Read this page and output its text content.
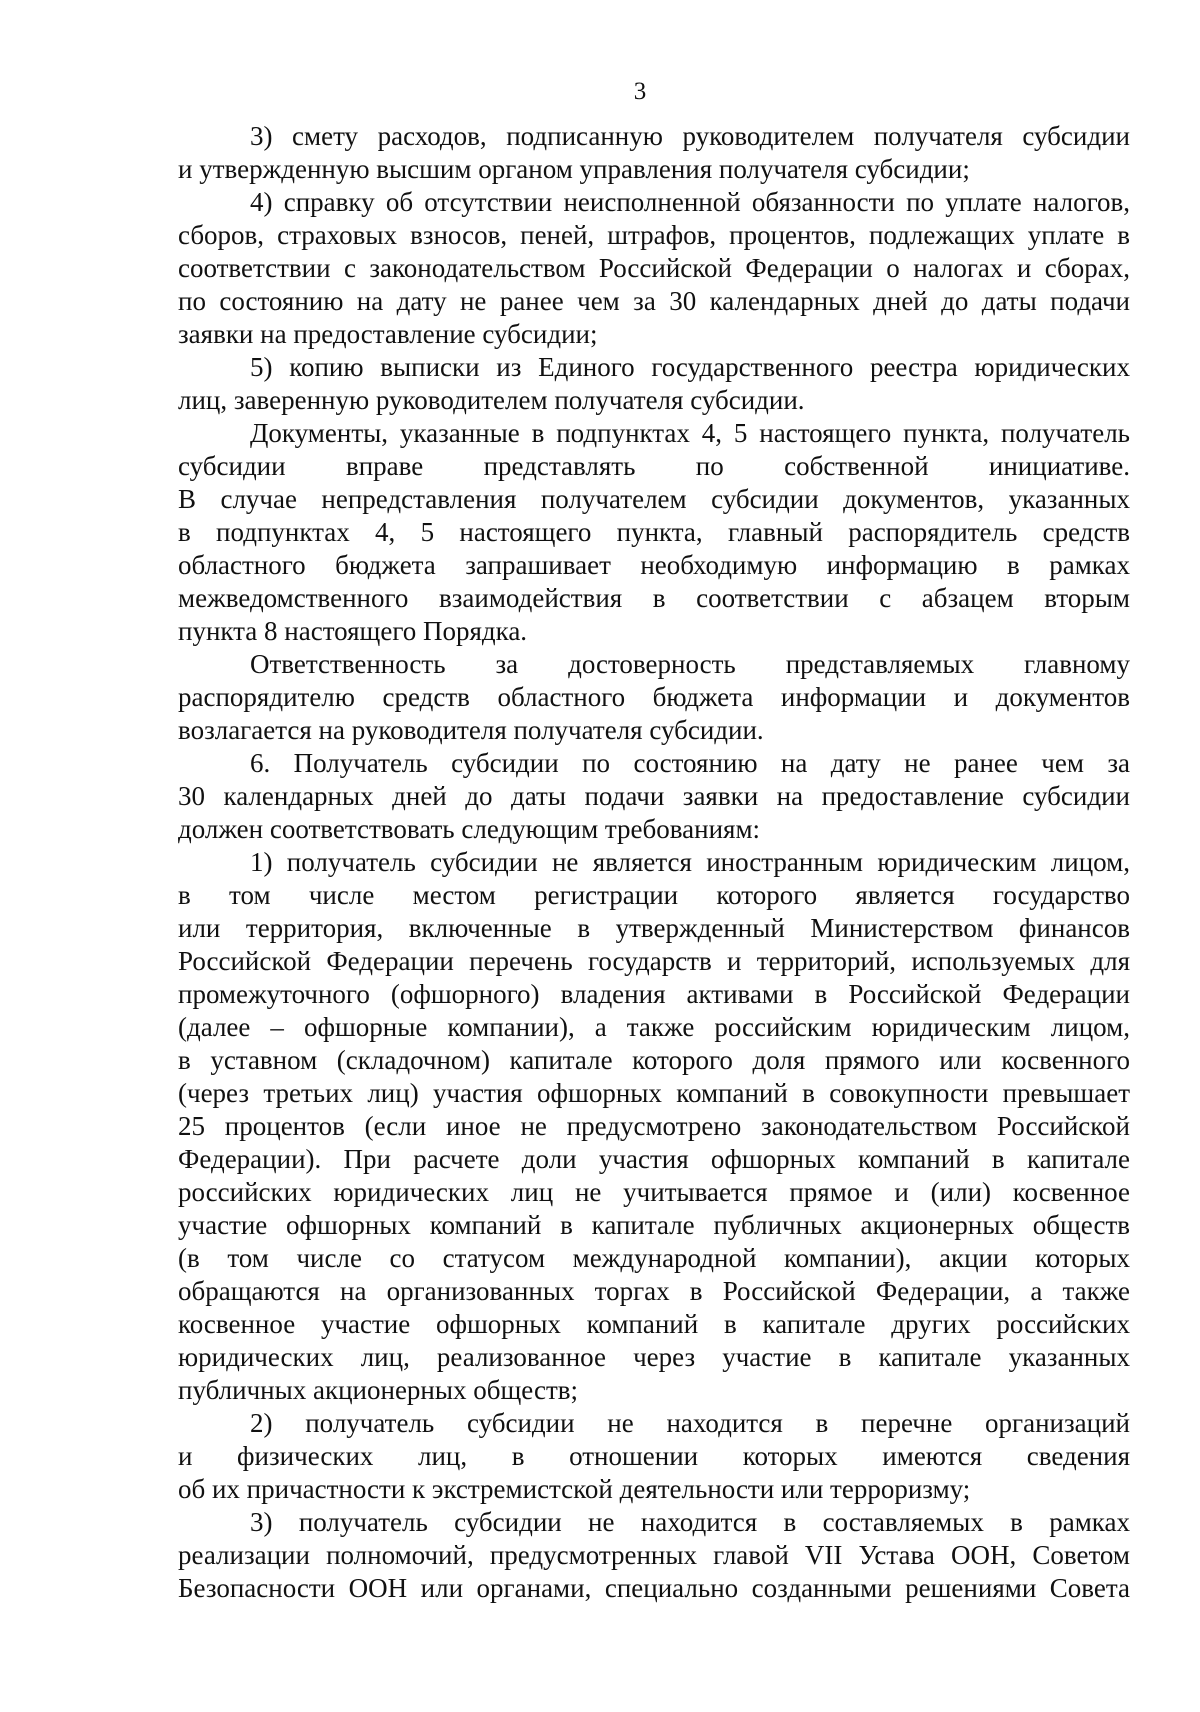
3
3) смету расходов, подписанную руководителем получателя субсидии
и утвержденную высшим органом управления получателя субсидии;
4) справку об отсутствии неисполненной обязанности по уплате налогов,
сборов, страховых взносов, пеней, штрафов, процентов, подлежащих уплате в
соответствии с законодательством Российской Федерации о налогах и сборах,
по состоянию на дату не ранее чем за 30 календарных дней до даты подачи
заявки на предоставление субсидии;
5) копию выписки из Единого государственного реестра юридических
лиц, заверенную руководителем получателя субсидии.
Документы, указанные в подпунктах 4, 5 настоящего пункта, получатель
субсидии вправе представлять по собственной инициативе.
В случае непредставления получателем субсидии документов, указанных
в подпунктах 4, 5 настоящего пункта, главный распорядитель средств
областного бюджета запрашивает необходимую информацию в рамках
межведомственного взаимодействия в соответствии с абзацем вторым
пункта 8 настоящего Порядка.
Ответственность за достоверность представляемых главному
распорядителю средств областного бюджета информации и документов
возлагается на руководителя получателя субсидии.
6. Получатель субсидии по состоянию на дату не ранее чем за
30 календарных дней до даты подачи заявки на предоставление субсидии
должен соответствовать следующим требованиям:
1) получатель субсидии не является иностранным юридическим лицом,
в том числе местом регистрации которого является государство
или территория, включенные в утвержденный Министерством финансов
Российской Федерации перечень государств и территорий, используемых для
промежуточного (офшорного) владения активами в Российской Федерации
(далее – офшорные компании), а также российским юридическим лицом,
в уставном (складочном) капитале которого доля прямого или косвенного
(через третьих лиц) участия офшорных компаний в совокупности превышает
25 процентов (если иное не предусмотрено законодательством Российской
Федерации). При расчете доли участия офшорных компаний в капитале
российских юридических лиц не учитывается прямое и (или) косвенное
участие офшорных компаний в капитале публичных акционерных обществ
(в том числе со статусом международной компании), акции которых
обращаются на организованных торгах в Российской Федерации, а также
косвенное участие офшорных компаний в капитале других российских
юридических лиц, реализованное через участие в капитале указанных
публичных акционерных обществ;
2) получатель субсидии не находится в перечне организаций
и физических лиц, в отношении которых имеются сведения
об их причастности к экстремистской деятельности или терроризму;
3) получатель субсидии не находится в составляемых в рамках
реализации полномочий, предусмотренных главой VII Устава ООН, Советом
Безопасности ООН или органами, специально созданными решениями Совета
